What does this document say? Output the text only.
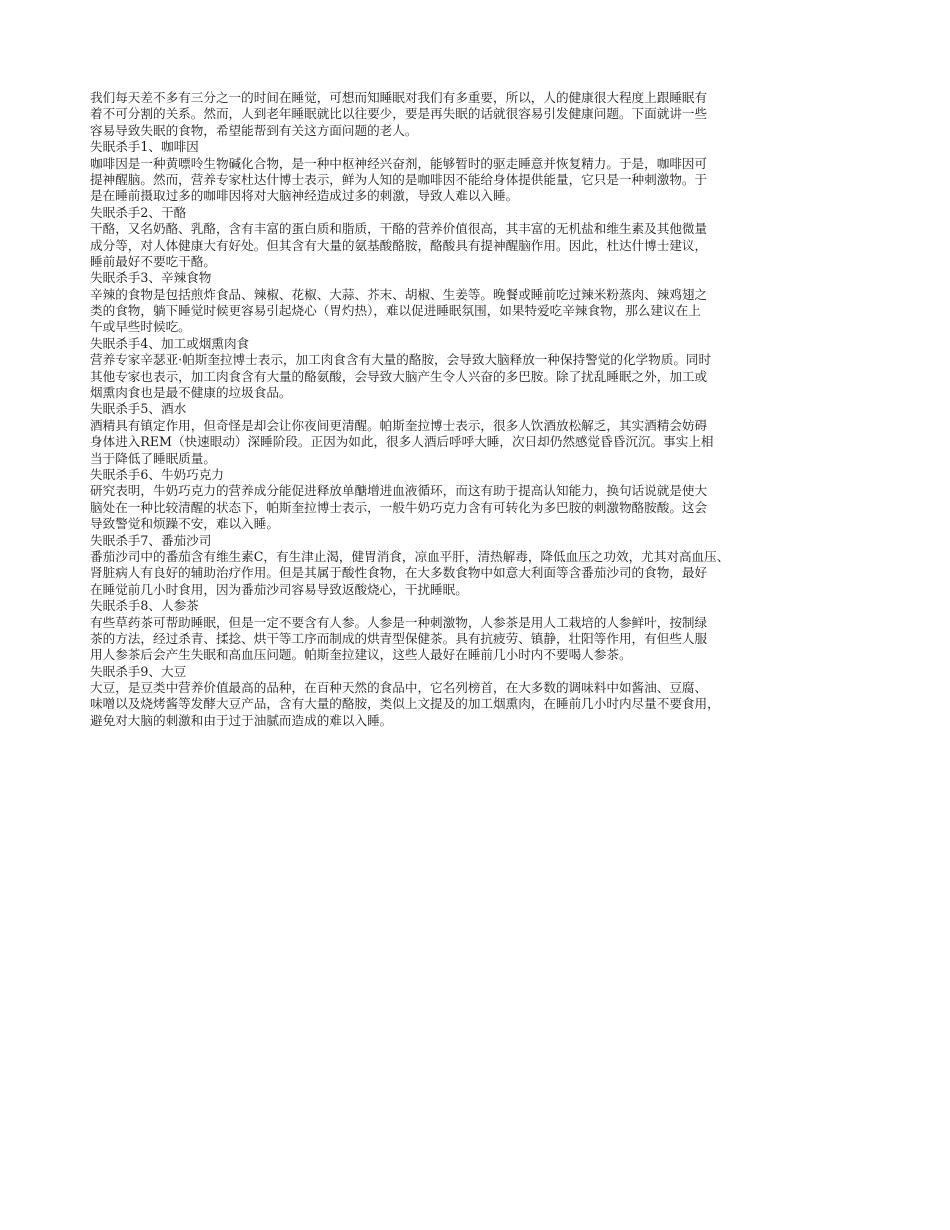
我们每天差不多有三分之一的时间在睡觉，可想而知睡眠对我们有多重要，所以，人的健康很大程度上跟睡眠有
着不可分割的关系。然而，人到老年睡眠就比以往要少，要是再失眠的话就很容易引发健康问题。下面就讲一些
容易导致失眠的食物，希望能帮到有关这方面问题的老人。
失眠杀手1、咖啡因
咖啡因是一种黄嘌呤生物碱化合物，是一种中枢神经兴奋剂，能够暂时的驱走睡意并恢复精力。于是，咖啡因可
提神醒脑。然而，营养专家杜达什博士表示，鲜为人知的是咖啡因不能给身体提供能量，它只是一种刺激物。于
是在睡前摄取过多的咖啡因将对大脑神经造成过多的刺激，导致人难以入睡。
失眠杀手2、干酪
干酪，又名奶酪、乳酪，含有丰富的蛋白质和脂质，干酪的营养价值很高，其丰富的无机盐和维生素及其他微量
成分等，对人体健康大有好处。但其含有大量的氨基酸酪胺，酪酸具有提神醒脑作用。因此，杜达什博士建议，
睡前最好不要吃干酪。
失眠杀手3、辛辣食物
辛辣的食物是包括煎炸食品、辣椒、花椒、大蒜、芥末、胡椒、生姜等。晚餐或睡前吃过辣米粉蒸肉、辣鸡翅之
类的食物，躺下睡觉时候更容易引起烧心（胃灼热），难以促进睡眠氛围，如果特爱吃辛辣食物，那么建议在上
午或早些时候吃。
失眠杀手4、加工或烟熏肉食
营养专家辛瑟亚·帕斯奎拉博士表示，加工肉食含有大量的酪胺，会导致大脑释放一种保持警觉的化学物质。同时
其他专家也表示，加工肉食含有大量的酪氨酸，会导致大脑产生令人兴奋的多巴胺。除了扰乱睡眠之外，加工或
烟熏肉食也是最不健康的垃圾食品。
失眠杀手5、酒水
酒精具有镇定作用，但奇怪是却会让你夜间更清醒。帕斯奎拉博士表示，很多人饮酒放松解乏，其实酒精会妨碍
身体进入REM（快速眼动）深睡阶段。正因为如此，很多人酒后呼呼大睡，次日却仍然感觉昏昏沉沉。事实上相
当于降低了睡眠质量。
失眠杀手6、牛奶巧克力
研究表明，牛奶巧克力的营养成分能促进释放单醣增进血液循环，而这有助于提高认知能力，换句话说就是使大
脑处在一种比较清醒的状态下，帕斯奎拉博士表示，一般牛奶巧克力含有可转化为多巴胺的刺激物酪胺酸。这会
导致警觉和烦躁不安，难以入睡。
失眠杀手7、番茄沙司
番茄沙司中的番茄含有维生素C，有生津止渴，健胃消食，凉血平肝，清热解毒，降低血压之功效，尤其对高血压、
肾脏病人有良好的辅助治疗作用。但是其属于酸性食物，在大多数食物中如意大利面等含番茄沙司的食物，最好
在睡觉前几小时食用，因为番茄沙司容易导致返酸烧心，干扰睡眠。
失眠杀手8、人参茶
有些草药茶可帮助睡眠，但是一定不要含有人参。人参是一种刺激物，人参茶是用人工栽培的人参鲜叶，按制绿
茶的方法，经过杀青、揉捻、烘干等工序而制成的烘青型保健茶。具有抗疲劳、镇静，壮阳等作用，有但些人服
用人参茶后会产生失眠和高血压问题。帕斯奎拉建议，这些人最好在睡前几小时内不要喝人参茶。
失眠杀手9、大豆
大豆，是豆类中营养价值最高的品种，在百种天然的食品中，它名列榜首，在大多数的调味料中如酱油、豆腐、
味噌以及烧烤酱等发酵大豆产品，含有大量的酪胺，类似上文提及的加工烟熏肉，在睡前几小时内尽量不要食用，
避免对大脑的刺激和由于过于油腻而造成的难以入睡。
